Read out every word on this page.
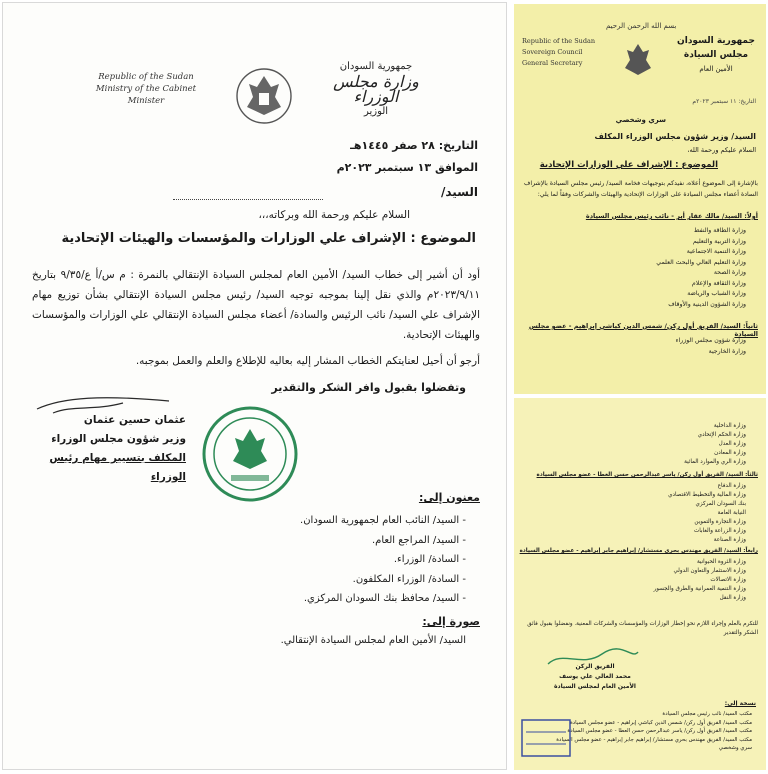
Republic of the Sudan
Ministry of the Cabinet
Minister
جمهورية السودان
وزارة مجلس الوزراء
الوزير
التاريخ: ٢٨ صفر ١٤٤٥هـ
الموافق ١٣ سبتمبر ٢٠٢٣م
السيد/
السلام عليكم ورحمة الله وبركاته،،،
الموضوع : الإشراف علي الوزارات والمؤسسات والهيئات الإتحادية
أود أن أشير إلى خطاب السيد/ الأمين العام لمجلس السيادة الإنتقالي بالنمرة : م س/أ ع/٩/٣٥ بتاريخ ٢٠٢٣/٩/١١م والذي نقل إلينا بموجبه توجيه السيد/ رئيس مجلس السيادة الإنتقالي بشأن توزيع مهام الإشراف علي السيد/ نائب الرئيس والسادة/ أعضاء مجلس السيادة الإنتقالي علي الوزارات والمؤسسات والهيئات الإتحادية.
أرجو أن أحيل لعنايتكم الخطاب المشار إليه بعاليه للإطلاع والعلم والعمل بموجبه.
وتفضلوا بقبول وافر الشكر والتقدير
عثمان حسين عثمان
وزير شؤون مجلس الوزراء
المكلف بتسيير مهام رئيس الوزراء
معنون إلى:
- السيد/ النائب العام لجمهورية السودان.
- السيد/ المراجع العام.
- السادة/ الوزراء.
- السادة/ الوزراء المكلفون.
- السيد/ محافظ بنك السودان المركزي.
صورة إلى:
السيد/ الأمين العام لمجلس السيادة الإنتقالي.
Republic of the Sudan
Sovereign Council
General Secretary
بسم الله الرحمن الرحيم
جمهورية السودان
مجلس السيادة
الأمين العام
التاريخ: ١١ سبتمبر ٢٠٢٣م
سري وشخصي
السيد/ وزير شؤون مجلس الوزراء المكلف
السلام عليكم ورحمة الله،
الموضوع : الإشراف علي الوزارات الإتحادية
بالإشارة إلى الموضوع أعلاه، نفيدكم بتوجيهات فخامة السيد/ رئيس مجلس السيادة بالإشراف السادة أعضاء مجلس السيادة على الوزارات الإتحادية والهيئات والشركات وفقاً لما يلي:
أولاً: السيد/ مالك عقار أير - نائب رئيس مجلس السيادة
وزارة الطاقة والنفط
وزارة التربية والتعليم
وزارة التنمية الاجتماعية
وزارة التعليم العالي والبحث العلمي
وزارة الصحة
وزارة الثقافة والإعلام
وزارة الشباب والرياضة
وزارة الشؤون الدينية والأوقاف
ثانياً: السيد/ الفريق أول ركن/ شمس الدين كباشي إبراهيم - عضو مجلس السيادة
وزارة شؤون مجلس الوزراء
وزارة الخارجية
وزارة الداخلية
وزارة الحكم الإتحادي
وزارة العدل
وزارة المعادن
وزارة الري والموارد المائية
ثالثاً: السيد/ الفريق أول ركن/ ياسر عبدالرحمن حسن العطا - عضو مجلس السيادة
وزارة الدفاع
وزارة المالية والتخطيط الاقتصادي
بنك السودان المركزي
النيابة العامة
وزارة التجارة والتموين
وزارة الزراعة والغابات
وزارة الصناعة
رابعاً: السيد/ الفريق مهندس بحري مستشار/ إبراهيم جابر إبراهيم - عضو مجلس السيادة
وزارة الثروة الحيوانية
وزارة الاستثمار والتعاون الدولي
وزارة الاتصالات
وزارة التنمية العمرانية والطرق والجسور
وزارة النقل
للتكرم بالعلم وإجراء اللازم نحو إخطار الوزارات والمؤسسات والشركات المعنية. ونفضلوا بقبول فائق الشكر والتقدير
الفريق الركن
محمد الغالي علي يوسف
الأمين العام لمجلس السيادة
نسخة إلى:
مكتب السيد/ نائب رئيس مجلس السيادة
مكتب السيد/ الفريق أول ركن/ شمس الدين كباشي إبراهيم - عضو مجلس السيادة
مكتب السيد/ الفريق أول ركن/ ياسر عبدالرحمن حسن العطا - عضو مجلس السيادة
مكتب السيد/ الفريق مهندس بحري مستشار/ إبراهيم جابر إبراهيم - عضو مجلس السيادة
سري وشخصي
